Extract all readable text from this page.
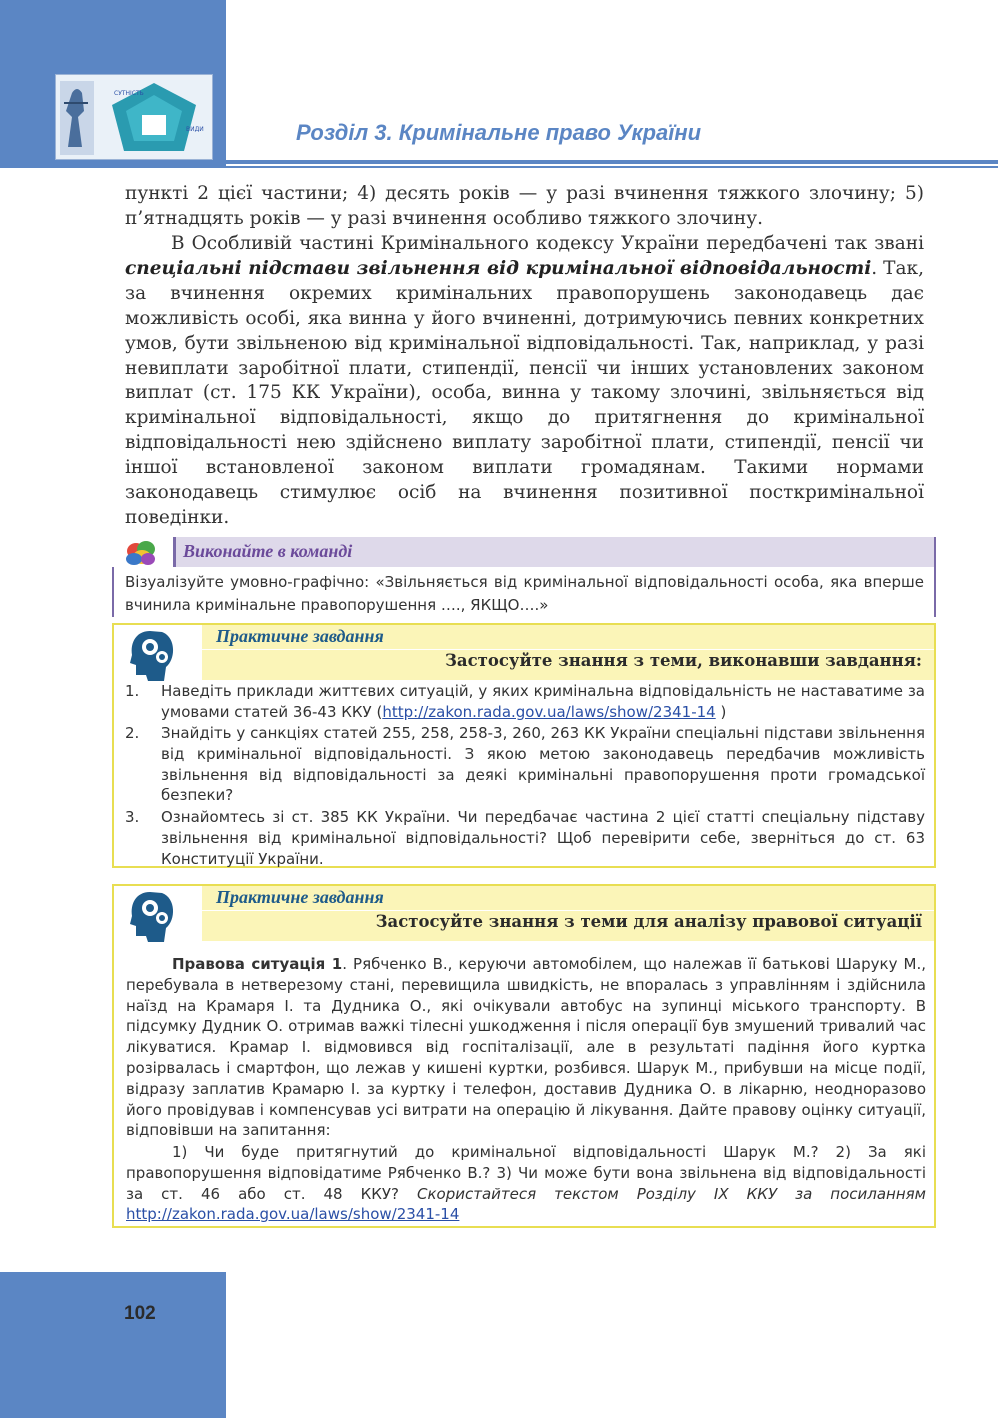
СУТНІСТЬ
ВИДИ	Розділ 3. Кримінальне право України
пункті 2 цієї частини; 4) десять років — у разі вчинення тяжкого злочину; 5) п’ятнадцять років — у разі вчинення особливо тяжкого злочину.
В Особливій частині Кримінального кодексу України передбачені так звані спеціальні підстави звільнення від кримінальної відповідальності. Так, за вчинення окремих кримінальних правопорушень законодавець дає можливість особі, яка винна у його вчиненні, дотримуючись певних конкретних умов, бути звільненою від кримінальної відповідальності. Так, наприклад, у разі невиплати заробітної плати, стипендії, пенсії чи інших установлених законом виплат (ст. 175 КК України), особа, винна у такому злочині, звільняється від кримінальної відповідальності, якщо до притягнення до кримінальної відповідальності нею здійснено виплату заробітної плати, стипендії, пенсії чи іншої встановленої законом виплати громадянам. Такими нормами законодавець стимулює осіб на вчинення позитивної посткримінальної поведінки.
Виконайте в команді
Візуалізуйте умовно-графічно: «Звільняється від кримінальної відповідальності особа, яка вперше вчинила кримінальне правопорушення …., ЯКЩО….»
Практичне завдання
Застосуйте знання з теми, виконавши завдання:
1. Наведіть приклади життєвих ситуацій, у яких кримінальна відповідальність не наставатиме за умовами статей 36-43 ККУ (http://zakon.rada.gov.ua/laws/show/2341-14 )
2. Знайдіть у санкціях статей 255, 258, 258-3, 260, 263 КК України спеціальні підстави звільнення від кримінальної відповідальності. З якою метою законодавець передбачив можливість звільнення від відповідальності за деякі кримінальні правопорушення проти громадської безпеки?
3. Ознайомтесь зі ст. 385 КК України. Чи передбачає частина 2 цієї статті спеціальну підставу звільнення від кримінальної відповідальності? Щоб перевірити себе, зверніться до ст. 63 Конституції України.
Практичне завдання
Застосуйте знання з теми для аналізу правової ситуації
Правова ситуація 1. Рябченко В., керуючи автомобілем, що належав її батькові Шаруку М., перебувала в нетверезому стані, перевищила швидкість, не впоралась з управлінням і здійснила наїзд на Крамаря І. та Дудника О., які очікували автобус на зупинці міського транспорту. В підсумку Дудник О. отримав важкі тілесні ушкодження і після операції був змушений тривалий час лікуватися. Крамар І. відмовився від госпіталізації, але в результаті падіння його куртка розірвалась і смартфон, що лежав у кишені куртки, розбився. Шарук М., прибувши на місце події, відразу заплатив Крамарю І. за куртку і телефон, доставив Дудника О. в лікарню, неодноразово його провідував і компенсував усі витрати на операцію й лікування. Дайте правову оцінку ситуації, відповівши на запитання:
1) Чи буде притягнутий до кримінальної відповідальності Шарук М.? 2) За які правопорушення відповідатиме Рябченко В.? 3) Чи може бути вона звільнена від відповідальності за ст. 46 або ст. 48 ККУ? Скористайтеся текстом Розділу ІХ ККУ за посиланням http://zakon.rada.gov.ua/laws/show/2341-14
102
